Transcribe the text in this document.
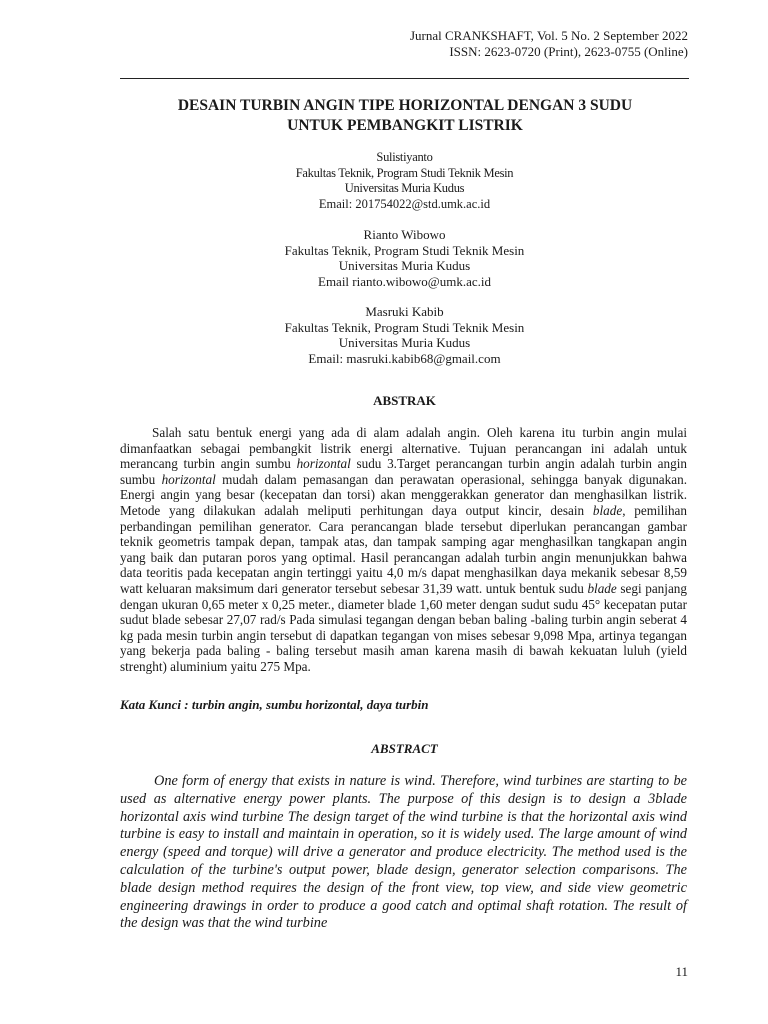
Jurnal CRANKSHAFT, Vol. 5 No. 2 September 2022
ISSN: 2623-0720 (Print), 2623-0755 (Online)
DESAIN TURBIN ANGIN TIPE HORIZONTAL DENGAN 3 SUDU
UNTUK PEMBANGKIT LISTRIK
Sulistiyanto
Fakultas Teknik, Program Studi Teknik Mesin
Universitas Muria Kudus
Email: 201754022@std.umk.ac.id
Rianto Wibowo
Fakultas Teknik, Program Studi Teknik Mesin
Universitas Muria Kudus
Email rianto.wibowo@umk.ac.id
Masruki Kabib
Fakultas Teknik, Program Studi Teknik Mesin
Universitas Muria Kudus
Email: masruki.kabib68@gmail.com
ABSTRAK

Salah satu bentuk energi yang ada di alam adalah angin. Oleh karena itu turbin angin mulai dimanfaatkan sebagai pembangkit listrik energi alternative. Tujuan perancangan ini adalah untuk merancang turbin angin sumbu horizontal sudu 3.Target perancangan turbin angin adalah turbin angin sumbu horizontal mudah dalam pemasangan dan perawatan operasional, sehingga banyak digunakan. Energi angin yang besar (kecepatan dan torsi) akan menggerakkan generator dan menghasilkan listrik. Metode yang dilakukan adalah meliputi perhitungan daya output kincir, desain blade, pemilihan perbandingan pemilihan generator. Cara perancangan blade tersebut diperlukan perancangan gambar teknik geometris tampak depan, tampak atas, dan tampak samping agar menghasilkan tangkapan angin yang baik dan putaran poros yang optimal. Hasil perancangan adalah turbin angin menunjukkan bahwa data teoritis pada kecepatan angin tertinggi yaitu 4,0 m/s dapat menghasilkan daya mekanik sebesar 8,59 watt keluaran maksimum dari generator tersebut sebesar 31,39 watt. untuk bentuk sudu blade segi panjang dengan ukuran 0,65 meter x 0,25 meter., diameter blade 1,60 meter dengan sudut sudu 45° kecepatan putar sudut blade sebesar 27,07 rad/s Pada simulasi tegangan dengan beban baling -baling turbin angin seberat 4 kg pada mesin turbin angin tersebut di dapatkan tegangan von mises sebesar 9,098 Mpa, artinya tegangan yang bekerja pada baling - baling tersebut masih aman karena masih di bawah kekuatan luluh (yield strenght) aluminium yaitu 275 Mpa.

Kata Kunci : turbin angin, sumbu horizontal, daya turbin
ABSTRACT

One form of energy that exists in nature is wind. Therefore, wind turbines are starting to be used as alternative energy power plants. The purpose of this design is to design a 3blade horizontal axis wind turbine The design target of the wind turbine is that the horizontal axis wind turbine is easy to install and maintain in operation, so it is widely used. The large amount of wind energy (speed and torque) will drive a generator and produce electricity. The method used is the calculation of the turbine's output power, blade design, generator selection comparisons. The blade design method requires the design of the front view, top view, and side view geometric engineering drawings in order to produce a good catch and optimal shaft rotation. The result of the design was that the wind turbine

11
